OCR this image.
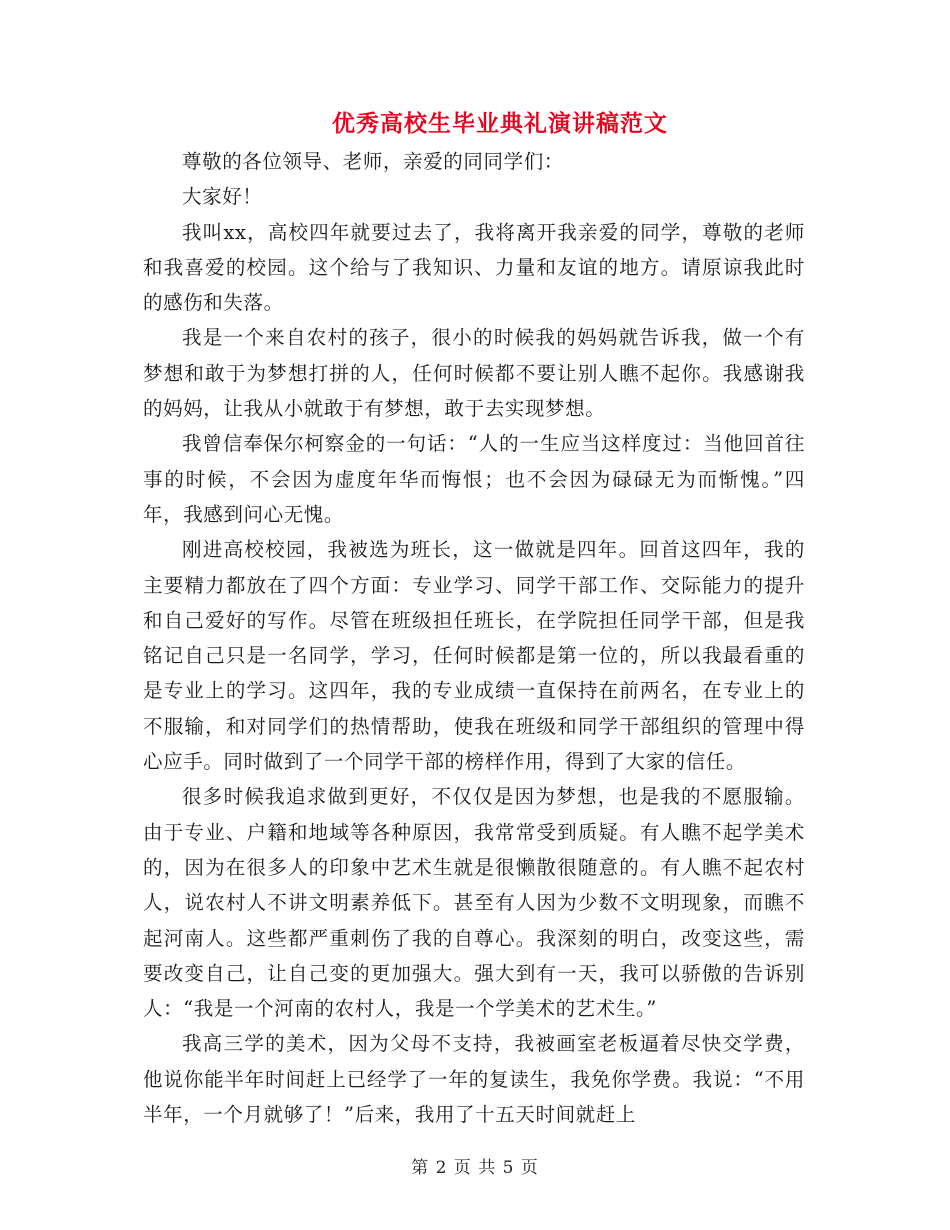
优秀高校生毕业典礼演讲稿范文

尊敬的各位领导、老师，亲爱的同同学们：

大家好！

我叫xx，高校四年就要过去了，我将离开我亲爱的同学，尊敬的老师和我喜爱的校园。这个给与了我知识、力量和友谊的地方。请原谅我此时的感伤和失落。

我是一个来自农村的孩子，很小的时候我的妈妈就告诉我，做一个有梦想和敢于为梦想打拼的人，任何时候都不要让别人瞧不起你。我感谢我的妈妈，让我从小就敢于有梦想，敢于去实现梦想。

我曾信奉保尔柯察金的一句话：“人的一生应当这样度过：当他回首往事的时候，不会因为虚度年华而悔恨；也不会因为碌碌无为而惭愧。”四年，我感到问心无愧。

刚进高校校园，我被选为班长，这一做就是四年。回首这四年，我的主要精力都放在了四个方面：专业学习、同学干部工作、交际能力的提升和自己爱好的写作。尽管在班级担任班长，在学院担任同学干部，但是我铭记自己只是一名同学，学习，任何时候都是第一位的，所以我最看重的是专业上的学习。这四年，我的专业成绩一直保持在前两名，在专业上的不服输，和对同学们的热情帮助，使我在班级和同学干部组织的管理中得心应手。同时做到了一个同学干部的榜样作用，得到了大家的信任。

很多时候我追求做到更好，不仅仅是因为梦想，也是我的不愿服输。由于专业、户籍和地域等各种原因，我常常受到质疑。有人瞧不起学美术的，因为在很多人的印象中艺术生就是很懒散很随意的。有人瞧不起农村人，说农村人不讲文明素养低下。甚至有人因为少数不文明现象，而瞧不起河南人。这些都严重刺伤了我的自尊心。我深刻的明白，改变这些，需要改变自己，让自己变的更加强大。强大到有一天，我可以骄傲的告诉别人：“我是一个河南的农村人，我是一个学美术的艺术生。”

我高三学的美术，因为父母不支持，我被画室老板逼着尽快交学费，他说你能半年时间赶上已经学了一年的复读生，我免你学费。我说：“不用半年，一个月就够了！”后来，我用了十五天时间就赶上

第 2 页 共 5 页
